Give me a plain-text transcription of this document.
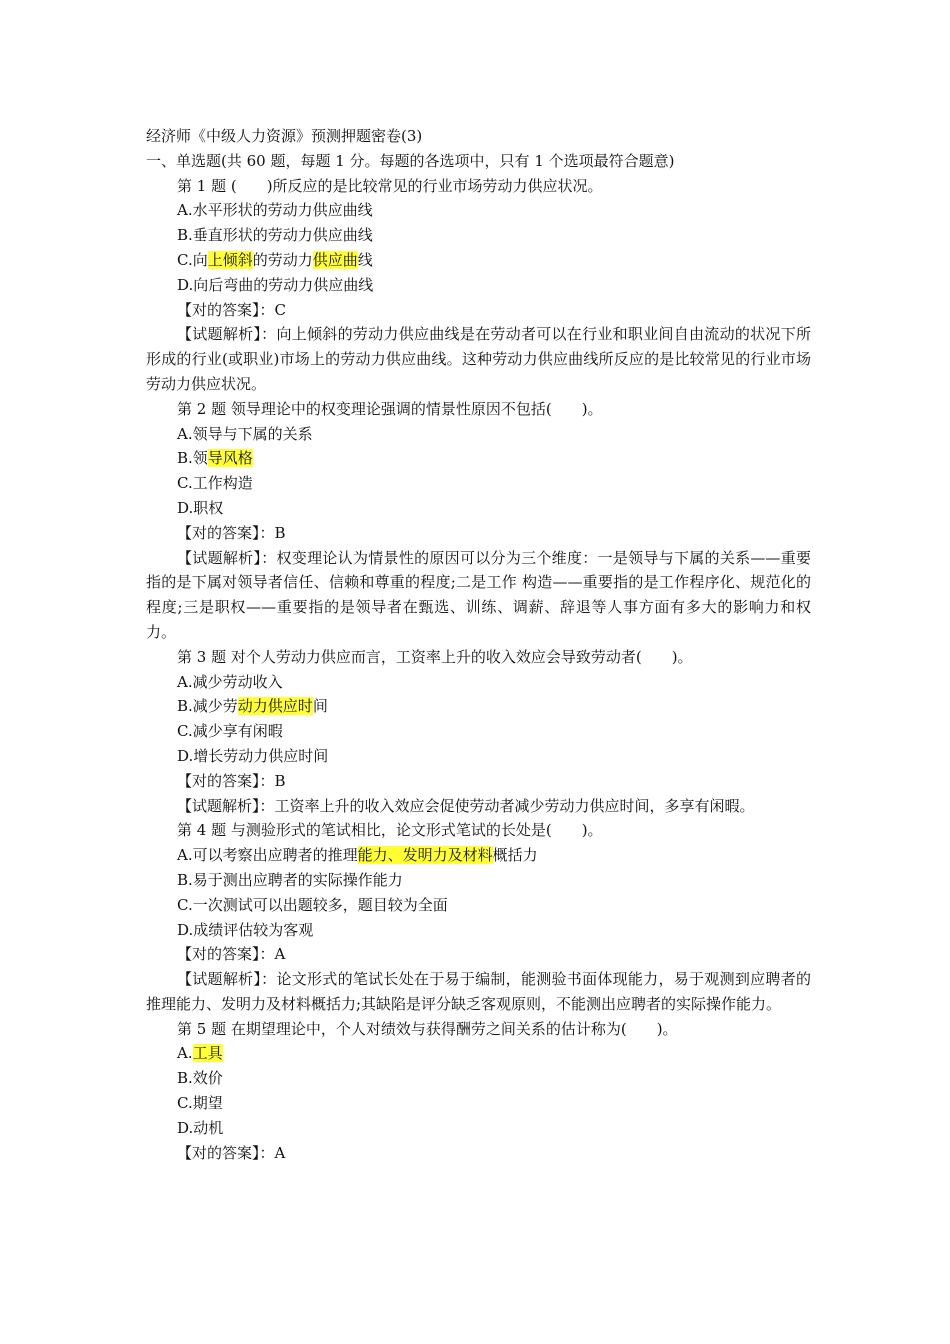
经济师《中级人力资源》预测押题密卷(3)
一、单选题(共 60 题，每题 1 分。每题的各选项中，只有 1 个选项最符合题意)
第 1 题 (　　)所反应的是比较常见的行业市场劳动力供应状况。
A.水平形状的劳动力供应曲线
B.垂直形状的劳动力供应曲线
C.向上倾斜的劳动力供应曲线
D.向后弯曲的劳动力供应曲线
【对的答案】：C
【试题解析】：向上倾斜的劳动力供应曲线是在劳动者可以在行业和职业间自由流动的状况下所形成的行业(或职业)市场上的劳动力供应曲线。这种劳动力供应曲线所反应的是比较常见的行业市场劳动力供应状况。
第 2 题 领导理论中的权变理论强调的情景性原因不包括(　　)。
A.领导与下属的关系
B.领导风格
C.工作构造
D.职权
【对的答案】：B
【试题解析】：权变理论认为情景性的原因可以分为三个维度：一是领导与下属的关系——重要指的是下属对领导者信任、信赖和尊重的程度;二是工作 构造——重要指的是工作程序化、规范化的程度;三是职权——重要指的是领导者在甄选、训练、调薪、辞退等人事方面有多大的影响力和权力。
第 3 题 对个人劳动力供应而言，工资率上升的收入效应会导致劳动者(　　)。
A.减少劳动收入
B.减少劳动力供应时间
C.减少享有闲暇
D.增长劳动力供应时间
【对的答案】：B
【试题解析】：工资率上升的收入效应会促使劳动者减少劳动力供应时间，多享有闲暇。
第 4 题 与测验形式的笔试相比，论文形式笔试的长处是(　　)。
A.可以考察出应聘者的推理能力、发明力及材料概括力
B.易于测出应聘者的实际操作能力
C.一次测试可以出题较多，题目较为全面
D.成绩评估较为客观
【对的答案】：A
【试题解析】：论文形式的笔试长处在于易于编制，能测验书面体现能力，易于观测到应聘者的推理能力、发明力及材料概括力;其缺陷是评分缺乏客观原则，不能测出应聘者的实际操作能力。
第 5 题 在期望理论中，个人对绩效与获得酬劳之间关系的估计称为(　　)。
A.工具
B.效价
C.期望
D.动机
【对的答案】：A
